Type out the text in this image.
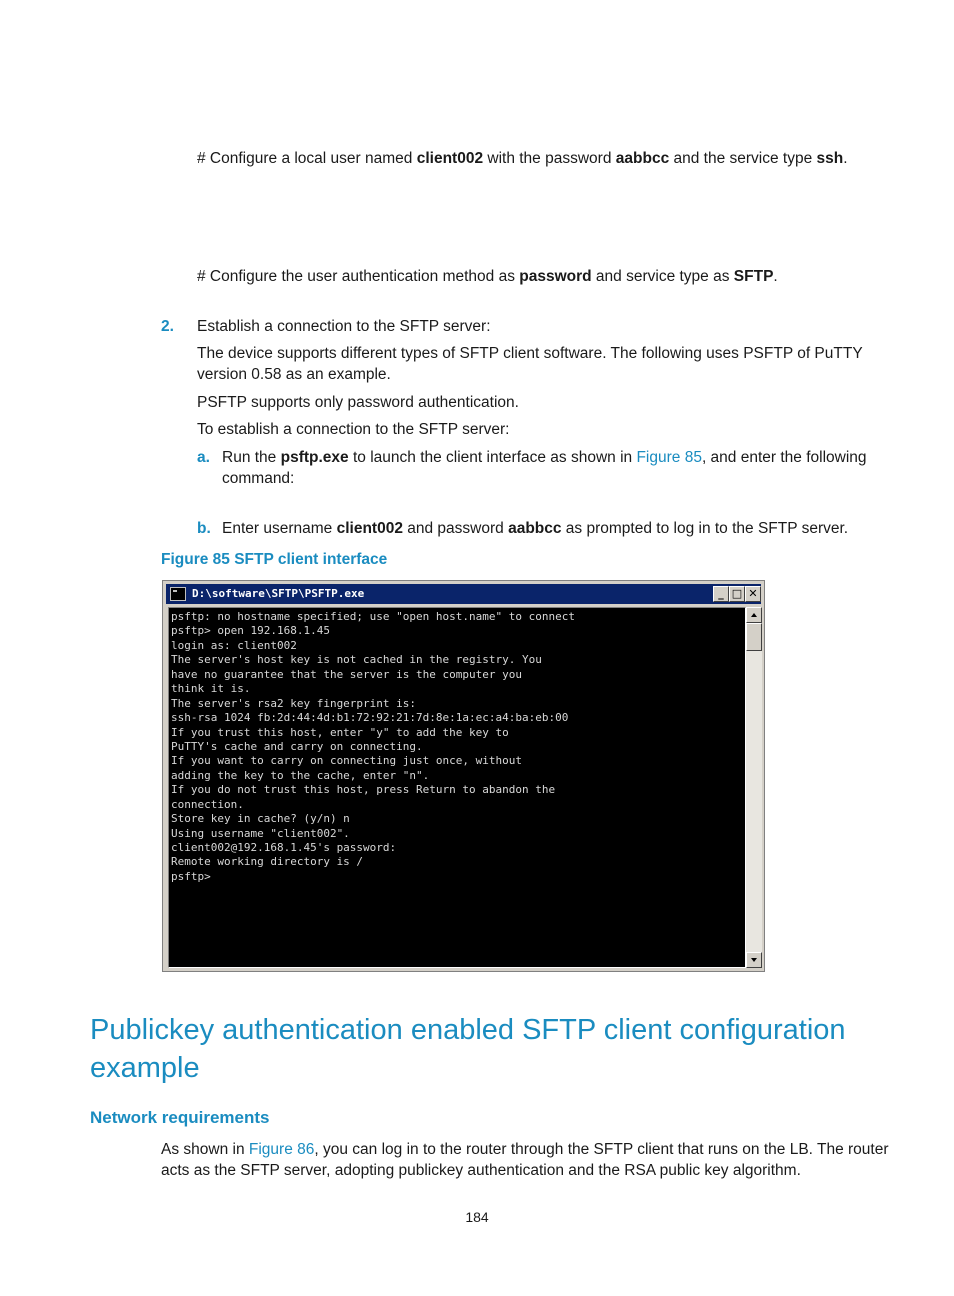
# Configure a local user named client002 with the password aabbcc and the service type ssh.
# Configure the user authentication method as password and service type as SFTP.
2. Establish a connection to the SFTP server:
The device supports different types of SFTP client software. The following uses PSFTP of PuTTY
version 0.58 as an example.
PSFTP supports only password authentication.
To establish a connection to the SFTP server:
a. Run the psftp.exe to launch the client interface as shown in Figure 85, and enter the following
command:
b. Enter username client002 and password aabbcc as prompted to log in to the SFTP server.
Figure 85 SFTP client interface
D:\software\SFTP\PSFTP.exe	_ □ ✕
psftp: no hostname specified; use "open host.name" to connect
psftp> open 192.168.1.45
login as: client002
The server's host key is not cached in the registry. You
have no guarantee that the server is the computer you
think it is.
The server's rsa2 key fingerprint is:
ssh-rsa 1024 fb:2d:44:4d:b1:72:92:21:7d:8e:1a:ec:a4:ba:eb:00
If you trust this host, enter "y" to add the key to
PuTTY's cache and carry on connecting.
If you want to carry on connecting just once, without
adding the key to the cache, enter "n".
If you do not trust this host, press Return to abandon the
connection.
Store key in cache? (y/n) n
Using username "client002".
client002@192.168.1.45's password:
Remote working directory is /
psftp>
Publickey authentication enabled SFTP client configuration
example
Network requirements
As shown in Figure 86, you can log in to the router through the SFTP client that runs on the LB. The router
acts as the SFTP server, adopting publickey authentication and the RSA public key algorithm.
184
